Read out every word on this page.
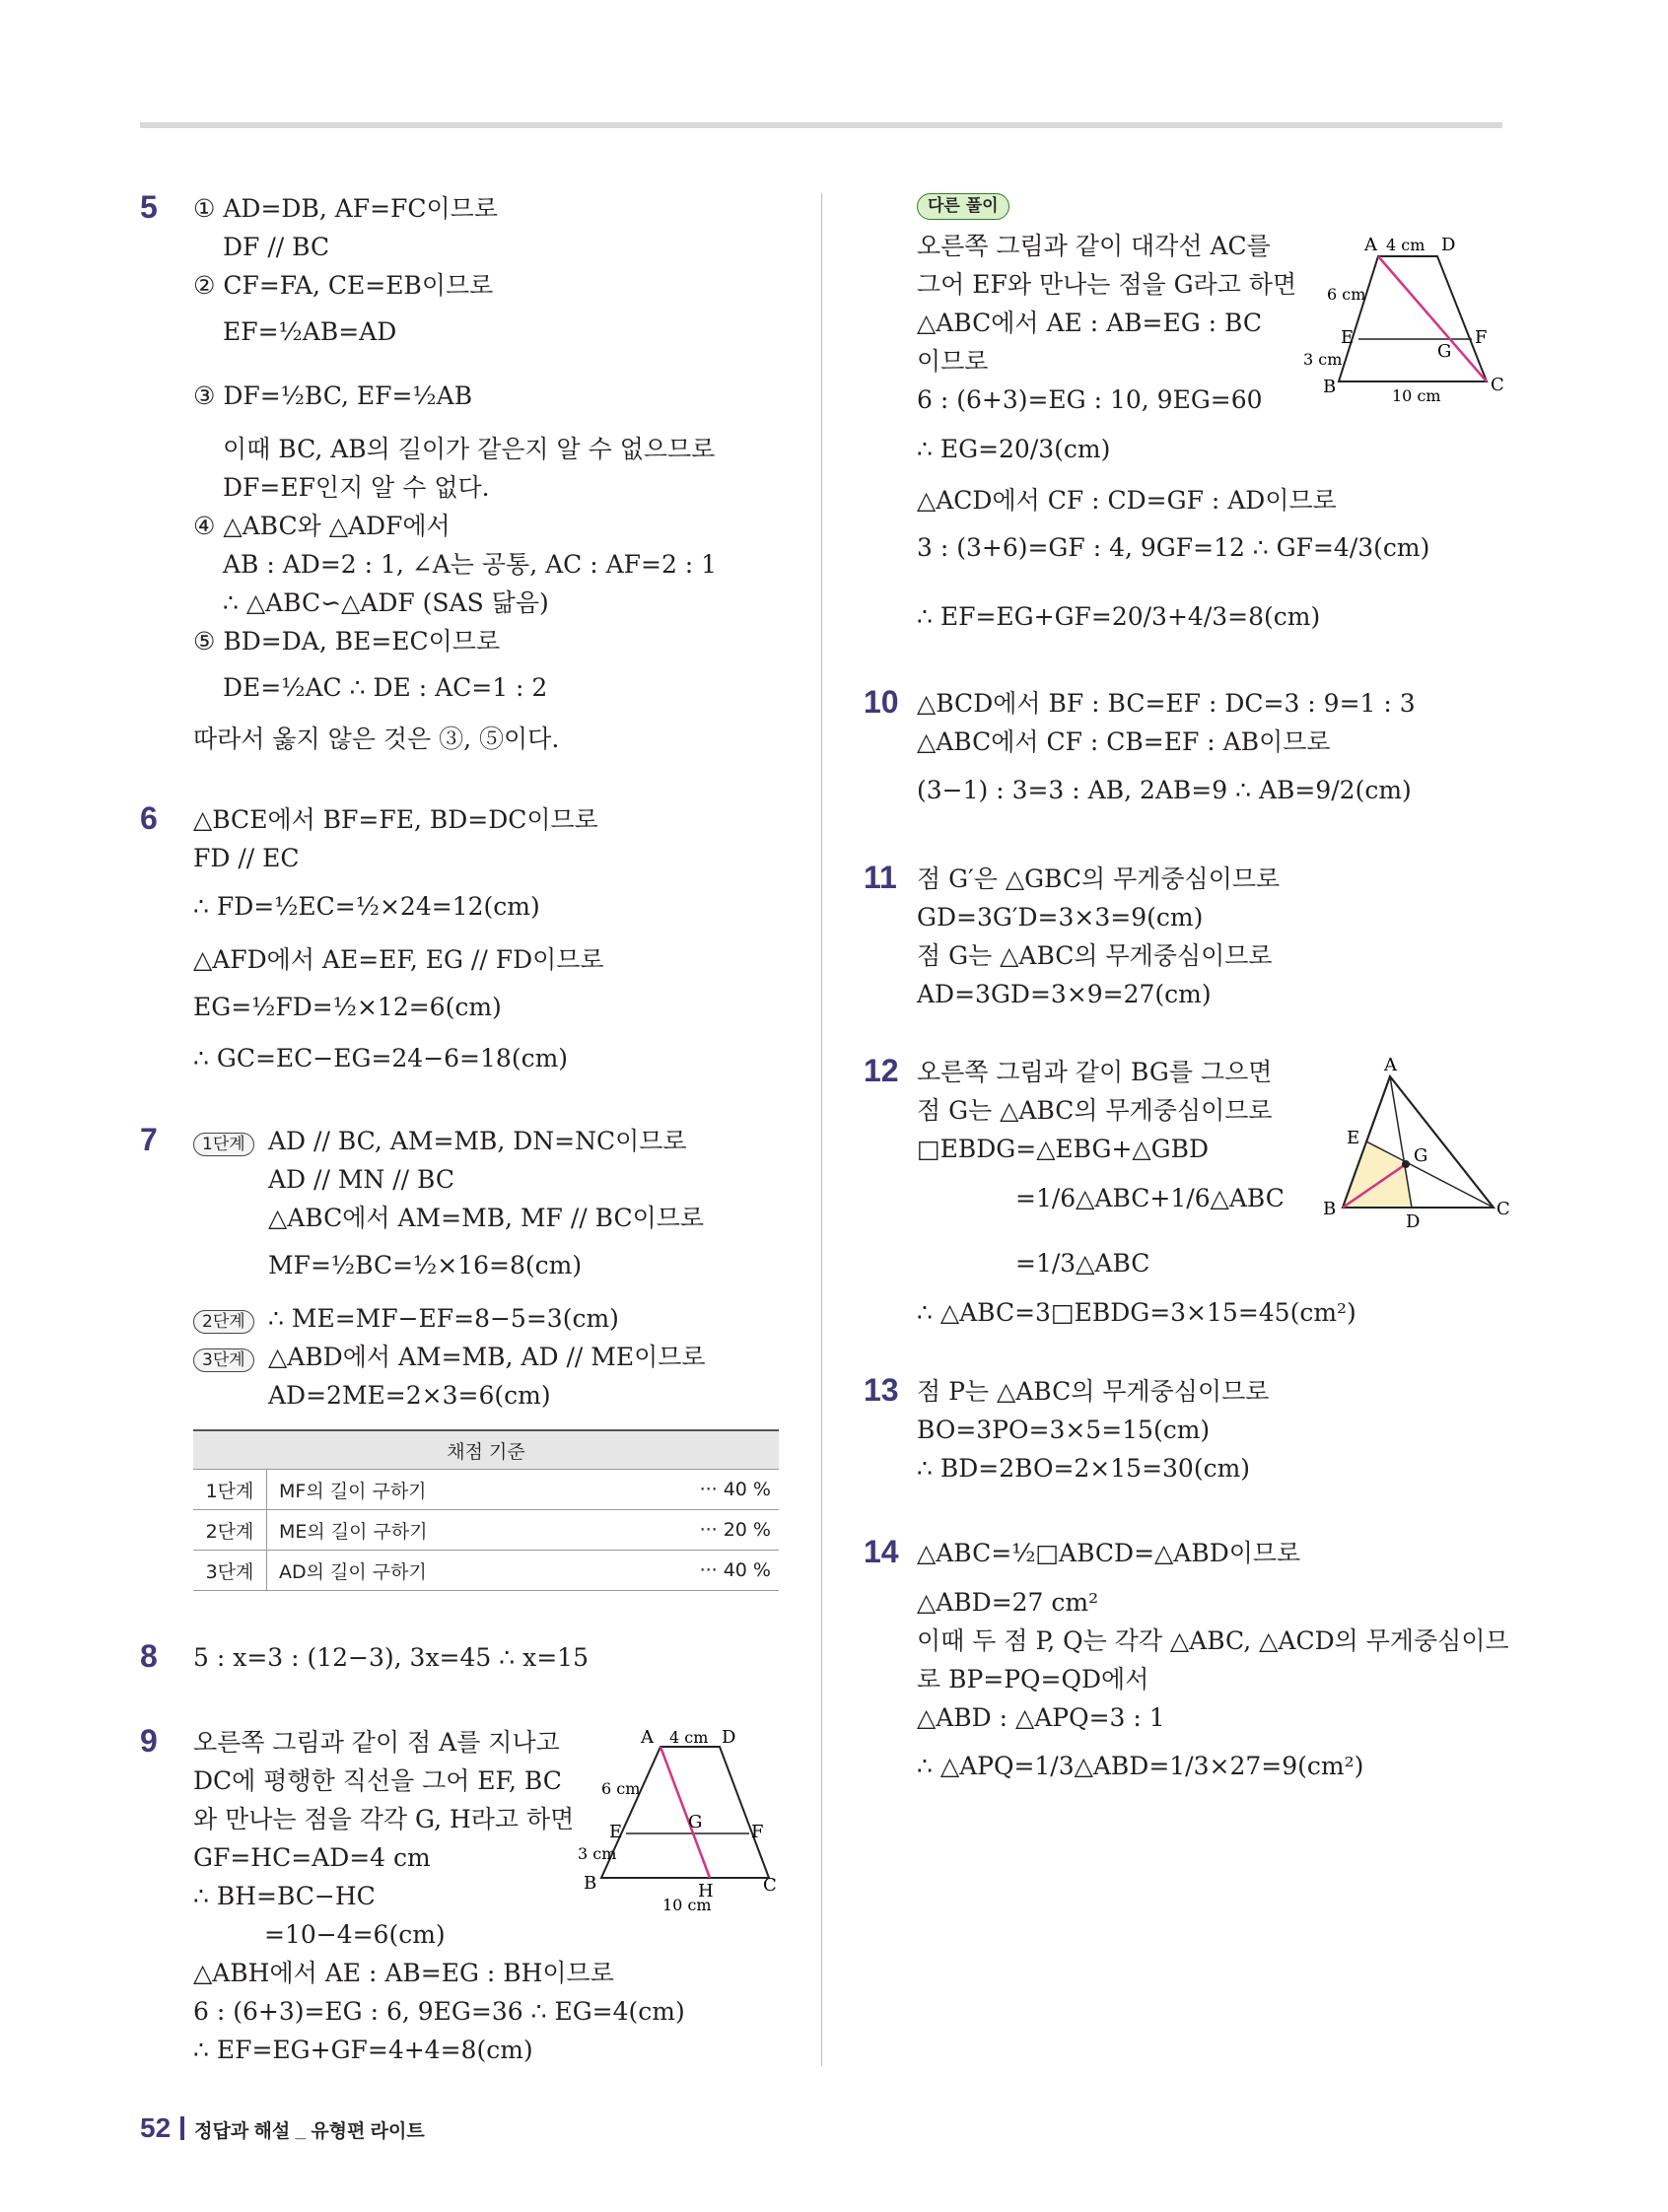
5 ① AD=DB, AF=FC이므로
DF // BC
② CF=FA, CE=EB이므로
EF=½AB=AD
③ DF=½BC, EF=½AB
이때 BC, AB의 길이가 같은지 알 수 없으므로
DF=EF인지 알 수 없다.
④ △ABC와 △ADF에서
AB : AD=2 : 1, ∠A는 공통, AC : AF=2 : 1
∴ △ABC∽△ADF (SAS 닮음)
⑤ BD=DA, BE=EC이므로
DE=½AC ∴ DE : AC=1 : 2
따라서 옳지 않은 것은 ③, ⑤이다.
6 △BCE에서 BF=FE, BD=DC이므로
FD // EC
∴ FD=½EC=½×24=12(cm)
△AFD에서 AE=EF, EG // FD이므로
EG=½FD=½×12=6(cm)
∴ GC=EC−EG=24−6=18(cm)
7	1단계 AD // BC, AM=MB, DN=NC이므로
AD // MN // BC
△ABC에서 AM=MB, MF // BC이므로
MF=½BC=½×16=8(cm)
2단계 ∴ ME=MF−EF=8−5=3(cm)
3단계 △ABD에서 AM=MB, AD // ME이므로
AD=2ME=2×3=6(cm)
채점 기준		
1단계	MF의 길이 구하기	··· 40 %
2단계	ME의 길이 구하기	··· 20 %
3단계	AD의 길이 구하기	··· 40 %
8 5 : x=3 : (12−3), 3x=45 ∴ x=15
9 오른쪽 그림과 같이 점 A를 지나고
DC에 평행한 직선을 그어 EF, BC
와 만나는 점을 각각 G, H라고 하면
GF=HC=AD=4 cm
∴ BH=BC−HC
=10−4=6(cm)
△ABH에서 AE : AB=EG : BH이므로
6 : (6+3)=EG : 6, 9EG=36 ∴ EG=4(cm)
∴ EF=EG+GF=4+4=8(cm)
A	D
B	C
E	F
G
H
4 cm
6 cm
3 cm
10 cm
다른 풀이
오른쪽 그림과 같이 대각선 AC를
그어 EF와 만나는 점을 G라고 하면
△ABC에서 AE : AB=EG : BC
이므로
6 : (6+3)=EG : 10, 9EG=60
∴ EG=20/3(cm)
△ACD에서 CF : CD=GF : AD이므로
3 : (3+6)=GF : 4, 9GF=12 ∴ GF=4/3(cm)
∴ EF=EG+GF=20/3+4/3=8(cm)
A	D
B	C
E	F
G
4 cm
6 cm
3 cm
10 cm
10 △BCD에서 BF : BC=EF : DC=3 : 9=1 : 3
△ABC에서 CF : CB=EF : AB이므로
(3−1) : 3=3 : AB, 2AB=9 ∴ AB=9/2(cm)
11 점 G′은 △GBC의 무게중심이므로
GD=3G′D=3×3=9(cm)
점 G는 △ABC의 무게중심이므로
AD=3GD=3×9=27(cm)
12 오른쪽 그림과 같이 BG를 그으면
점 G는 △ABC의 무게중심이므로
□EBDG=△EBG+△GBD
=1/6△ABC+1/6△ABC
=1/3△ABC
∴ △ABC=3□EBDG=3×15=45(cm²)
A
B	C
D
E
G
13 점 P는 △ABC의 무게중심이므로
BO=3PO=3×5=15(cm)
∴ BD=2BO=2×15=30(cm)
14 △ABC=½□ABCD=△ABD이므로
△ABD=27 cm²
이때 두 점 P, Q는 각각 △ABC, △ACD의 무게중심이므
로 BP=PQ=QD에서
△ABD : △APQ=3 : 1
∴ △APQ=1/3△ABD=1/3×27=9(cm²)
52 정답과 해설 _ 유형편 라이트
